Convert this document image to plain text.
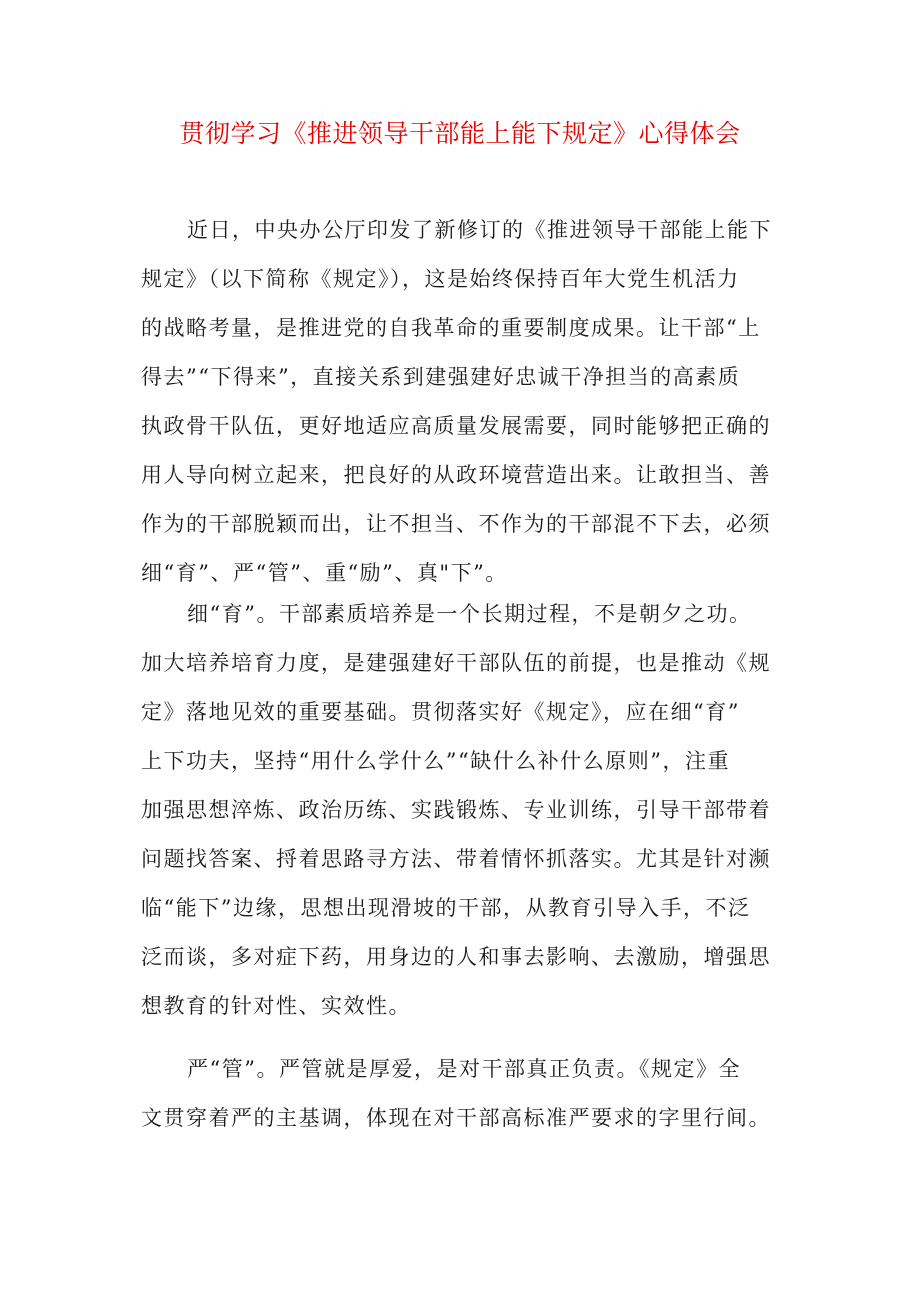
贯彻学习《推进领导干部能上能下规定》心得体会
近日，中央办公厅印发了新修订的《推进领导干部能上能下
规定》（以下简称《规定》），这是始终保持百年大党生机活力
的战略考量，是推进党的自我革命的重要制度成果。让干部“上
得去”“下得来”，直接关系到建强建好忠诚干净担当的高素质
执政骨干队伍，更好地适应高质量发展需要，同时能够把正确的
用人导向树立起来，把良好的从政环境营造出来。让敢担当、善
作为的干部脱颖而出，让不担当、不作为的干部混不下去，必须
细“育”、严“管”、重“励”、真"下”。
细“育”。干部素质培养是一个长期过程，不是朝夕之功。
加大培养培育力度，是建强建好干部队伍的前提，也是推动《规
定》落地见效的重要基础。贯彻落实好《规定》，应在细“育”
上下功夫，坚持“用什么学什么”“缺什么补什么原则”，注重
加强思想淬炼、政治历练、实践锻炼、专业训练，引导干部带着
问题找答案、捋着思路寻方法、带着情怀抓落实。尤其是针对濒
临“能下”边缘，思想出现滑坡的干部，从教育引导入手，不泛
泛而谈，多对症下药，用身边的人和事去影响、去激励，增强思
想教育的针对性、实效性。
严“管”。严管就是厚爱，是对干部真正负责。《规定》全
文贯穿着严的主基调，体现在对干部高标准严要求的字里行间。
